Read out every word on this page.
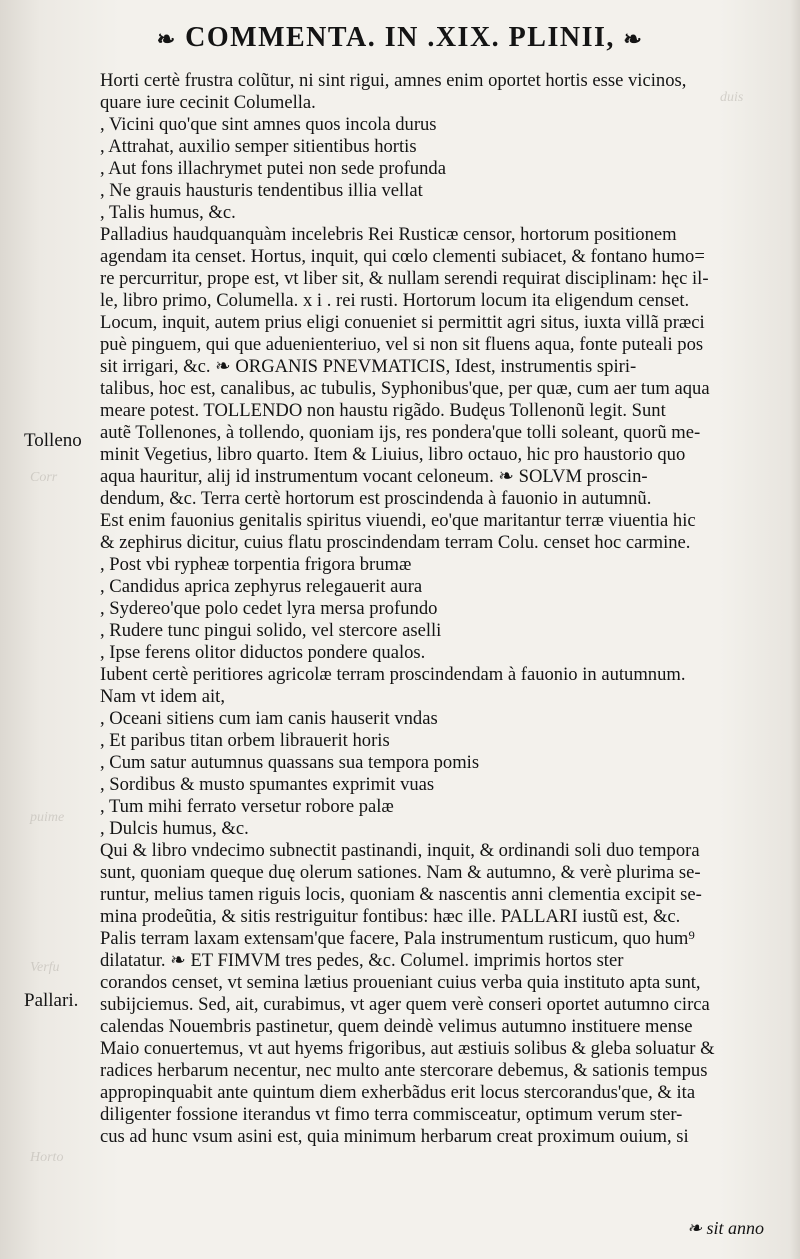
duis
Corr
puime
Verfu
Horto
❧ COMMENTA. IN .XIX. PLINII, ❧
Tolleno
Pallari.
Horti certè frustra colũtur, ni sint rigui, amnes enim oportet hortis esse vicinos,
quare iure cecinit Columella.
, Vicini quo'que sint amnes quos incola durus
, Attrahat, auxilio semper sitientibus hortis
, Aut fons illachrymet putei non sede profunda
, Ne grauis hausturis tendentibus illia vellat
, Talis humus, &c.
Palladius haudquanquàm incelebris Rei Rusticæ censor, hortorum positionem
agendam ita censet. Hortus, inquit, qui cœlo clementi subiacet, & fontano humo=
re percurritur, prope est, vt liber sit, & nullam serendi requirat disciplinam: hęc il-
le, libro primo, Columella. x i . rei rusti. Hortorum locum ita eligendum censet.
Locum, inquit, autem prius eligi conueniet si permittit agri situs, iuxta villã præci
puè pinguem, qui que aduenienteriuo, vel si non sit fluens aqua, fonte puteali pos
sit irrigari, &c. ❧ ORGANIS PNEVMATICIS, Idest, instrumentis spiri-
talibus, hoc est, canalibus, ac tubulis, Syphonibus'que, per quæ, cum aer tum aqua
meare potest. TOLLENDO non haustu rigãdo. Budęus Tollenonũ legit. Sunt
autẽ Tollenones, à tollendo, quoniam ijs, res pondera'que tolli soleant, quorũ me-
minit Vegetius, libro quarto. Item & Liuius, libro octauo, hic pro haustorio quo
aqua hauritur, alij id instrumentum vocant celoneum. ❧ SOLVM proscin-
dendum, &c. Terra certè hortorum est proscindenda à fauonio in autumnũ.
Est enim fauonius genitalis spiritus viuendi, eo'que maritantur terræ viuentia hic
& zephirus dicitur, cuius flatu proscindendam terram Colu. censet hoc carmine.
, Post vbi rypheæ torpentia frigora brumæ
, Candidus aprica zephyrus relegauerit aura
, Sydereo'que polo cedet lyra mersa profundo
, Rudere tunc pingui solido, vel stercore aselli
, Ipse ferens olitor diductos pondere qualos.
Iubent certè peritiores agricolæ terram proscindendam à fauonio in autumnum.
Nam vt idem ait,
, Oceani sitiens cum iam canis hauserit vndas
, Et paribus titan orbem librauerit horis
, Cum satur autumnus quassans sua tempora pomis
, Sordibus & musto spumantes exprimit vuas
, Tum mihi ferrato versetur robore palæ
, Dulcis humus, &c.
Qui & libro vndecimo subnectit pastinandi, inquit, & ordinandi soli duo tempora
sunt, quoniam queque duę olerum sationes. Nam & autumno, & verè plurima se-
runtur, melius tamen riguis locis, quoniam & nascentis anni clementia excipit se-
mina prodeũtia, & sitis restriguitur fontibus: hæc ille. PALLARI iustũ est, &c.
Palis terram laxam extensam'que facere, Pala instrumentum rusticum, quo hum⁹
dilatatur. ❧ ET FIMVM tres pedes, &c. Columel. imprimis hortos ster
corandos censet, vt semina lætius proueniant cuius verba quia instituto apta sunt,
subijciemus. Sed, ait, curabimus, vt ager quem verè conseri oportet autumno circa
calendas Nouembris pastinetur, quem deindè velimus autumno instituere mense
Maio conuertemus, vt aut hyems frigoribus, aut æstiuis solibus & gleba soluatur &
radices herbarum necentur, nec multo ante stercorare debemus, & sationis tempus
appropinquabit ante quintum diem exherbãdus erit locus stercorandus'que, & ita
diligenter fossione iterandus vt fimo terra commisceatur, optimum verum ster-
cus ad hunc vsum asini est, quia minimum herbarum creat proximum ouium, si
❧ sit anno
